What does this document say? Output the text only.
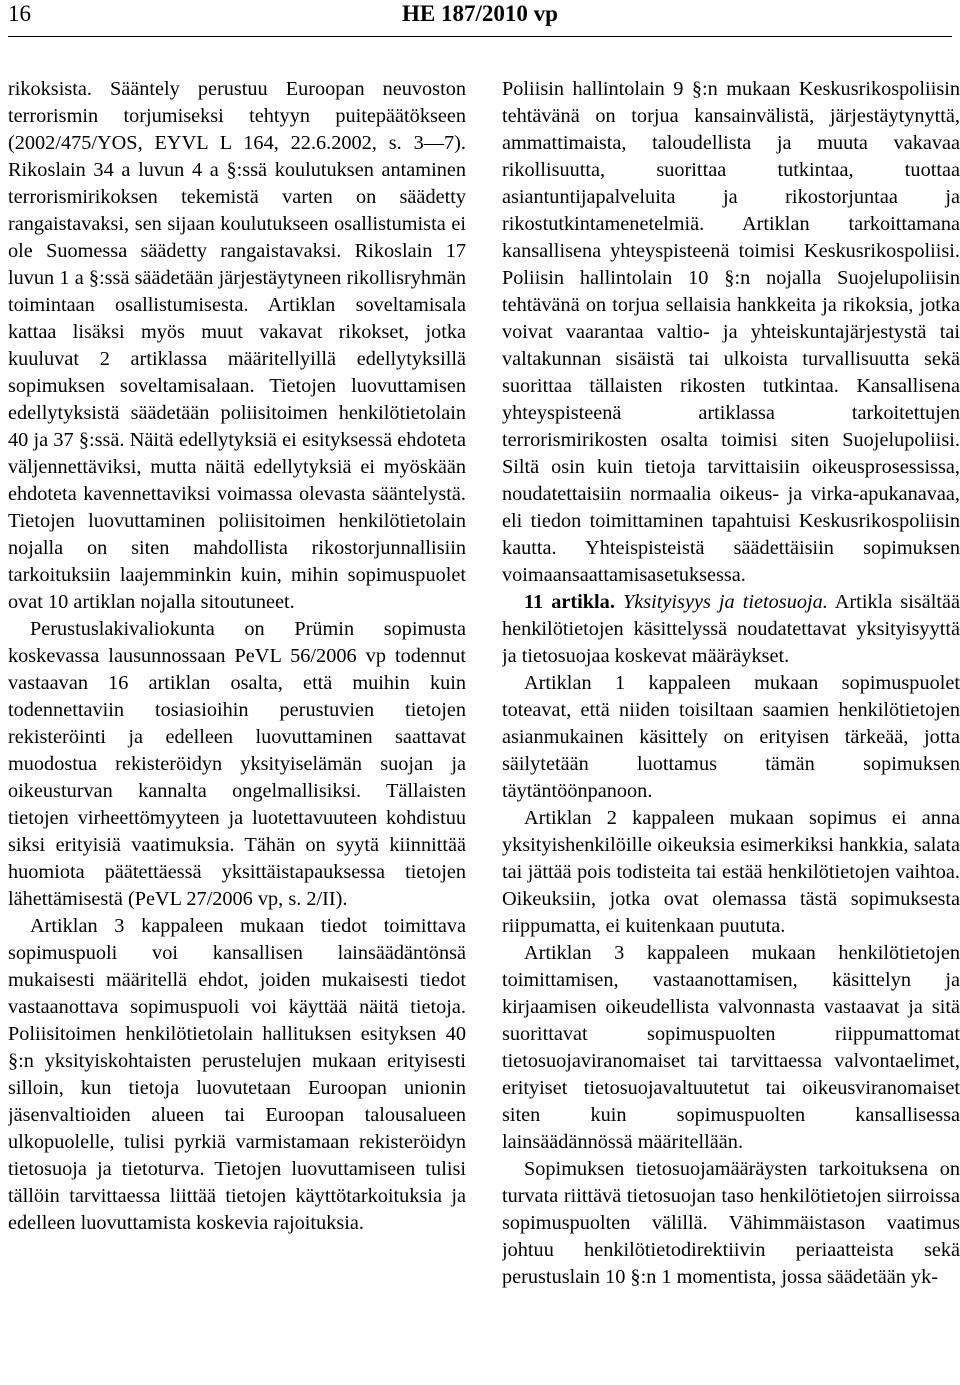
16	HE 187/2010 vp

rikoksista. Sääntely perustuu Euroopan neuvoston terrorismin torjumiseksi tehtyyn puitepäätökseen (2002/475/YOS, EYVL L 164, 22.6.2002, s. 3—7). Rikoslain 34 a luvun 4 a §:ssä koulutuksen antaminen terrorismirikoksen tekemistä varten on säädetty rangaistavaksi, sen sijaan koulutukseen osallistumista ei ole Suomessa säädetty rangaistavaksi. Rikoslain 17 luvun 1 a §:ssä säädetään järjestäytyneen rikollisryhmän toimintaan osallistumisesta. Artiklan soveltamisala kattaa lisäksi myös muut vakavat rikokset, jotka kuuluvat 2 artiklassa määritellyillä edellytyksillä sopimuksen soveltamisalaan. Tietojen luovuttamisen edellytyksistä säädetään poliisitoimen henkilötietolain 40 ja 37 §:ssä. Näitä edellytyksiä ei esityksessä ehdoteta väljennettäviksi, mutta näitä edellytyksiä ei myöskään ehdoteta kavennettaviksi voimassa olevasta sääntelystä. Tietojen luovuttaminen poliisitoimen henkilötietolain nojalla on siten mahdollista rikostorjunnallisiin tarkoituksiin laajemminkin kuin, mihin sopimuspuolet ovat 10 artiklan nojalla sitoutuneet.

Perustuslakivaliokunta on Prümin sopimusta koskevassa lausunnossaan PeVL 56/2006 vp todennut vastaavan 16 artiklan osalta, että muihin kuin todennettaviin tosiasioihin perustuvien tietojen rekisteröinti ja edelleen luovuttaminen saattavat muodostua rekisteröidyn yksityiselämän suojan ja oikeusturvan kannalta ongelmallisiksi. Tällaisten tietojen virheettömyyteen ja luotettavuuteen kohdistuu siksi erityisiä vaatimuksia. Tähän on syytä kiinnittää huomiota päätettäessä yksittäistapauksessa tietojen lähettämisestä (PeVL 27/2006 vp, s. 2/II).

Artiklan 3 kappaleen mukaan tiedot toimittava sopimuspuoli voi kansallisen lainsäädäntönsä mukaisesti määritellä ehdot, joiden mukaisesti tiedot vastaanottava sopimuspuoli voi käyttää näitä tietoja. Poliisitoimen henkilötietolain hallituksen esityksen 40 §:n yksityiskohtaisten perustelujen mukaan erityisesti silloin, kun tietoja luovutetaan Euroopan unionin jäsenvaltioiden alueen tai Euroopan talousalueen ulkopuolelle, tulisi pyrkiä varmistamaan rekisteröidyn tietosuoja ja tietoturva. Tietojen luovuttamiseen tulisi tällöin tarvittaessa liittää tietojen käyttötarkoituksia ja edelleen luovuttamista koskevia rajoituksia.

Poliisin hallintolain 9 §:n mukaan Keskusrikospoliisin tehtävänä on torjua kansainvälistä, järjestäytynyttä, ammattimaista, taloudellista ja muuta vakavaa rikollisuutta, suorittaa tutkintaa, tuottaa asiantuntijapalveluita ja rikostorjuntaa ja rikostutkintamenetelmiä. Artiklan tarkoittamana kansallisena yhteyspisteenä toimisi Keskusrikospoliisi. Poliisin hallintolain 10 §:n nojalla Suojelupoliisin tehtävänä on torjua sellaisia hankkeita ja rikoksia, jotka voivat vaarantaa valtio- ja yhteiskuntajärjestystä tai valtakunnan sisäistä tai ulkoista turvallisuutta sekä suorittaa tällaisten rikosten tutkintaa. Kansallisena yhteyspisteenä artiklassa tarkoitettujen terrorismirikosten osalta toimisi siten Suojelupoliisi. Siltä osin kuin tietoja tarvittaisiin oikeusprosessissa, noudatettaisiin normaalia oikeus- ja virka-apukanavaa, eli tiedon toimittaminen tapahtuisi Keskusrikospoliisin kautta. Yhteispisteistä säädettäisiin sopimuksen voimaansaattamisasetuksessa.

11 artikla. Yksityisyys ja tietosuoja. Artikla sisältää henkilötietojen käsittelyssä noudatettavat yksityisyyttä ja tietosuojaa koskevat määräykset.

Artiklan 1 kappaleen mukaan sopimuspuolet toteavat, että niiden toisiltaan saamien henkilötietojen asianmukainen käsittely on erityisen tärkeää, jotta säilytetään luottamus tämän sopimuksen täytäntöönpanoon.

Artiklan 2 kappaleen mukaan sopimus ei anna yksityishenkilöille oikeuksia esimerkiksi hankkia, salata tai jättää pois todisteita tai estää henkilötietojen vaihtoa. Oikeuksiin, jotka ovat olemassa tästä sopimuksesta riippumatta, ei kuitenkaan puututa.

Artiklan 3 kappaleen mukaan henkilötietojen toimittamisen, vastaanottamisen, käsittelyn ja kirjaamisen oikeudellista valvonnasta vastaavat ja sitä suorittavat sopimuspuolten riippumattomat tietosuojaviranomaiset tai tarvittaessa valvontaelimet, erityiset tietosuojavaltuutetut tai oikeusviranomaiset siten kuin sopimuspuolten kansallisessa lainsäädännössä määritellään.

Sopimuksen tietosuojamääräysten tarkoituksena on turvata riittävä tietosuojan taso henkilötietojen siirroissa sopimuspuolten välillä. Vähimmäistason vaatimus johtuu henkilötietodirektiivin periaatteista sekä perustuslain 10 §:n 1 momentista, jossa säädetään yk-
